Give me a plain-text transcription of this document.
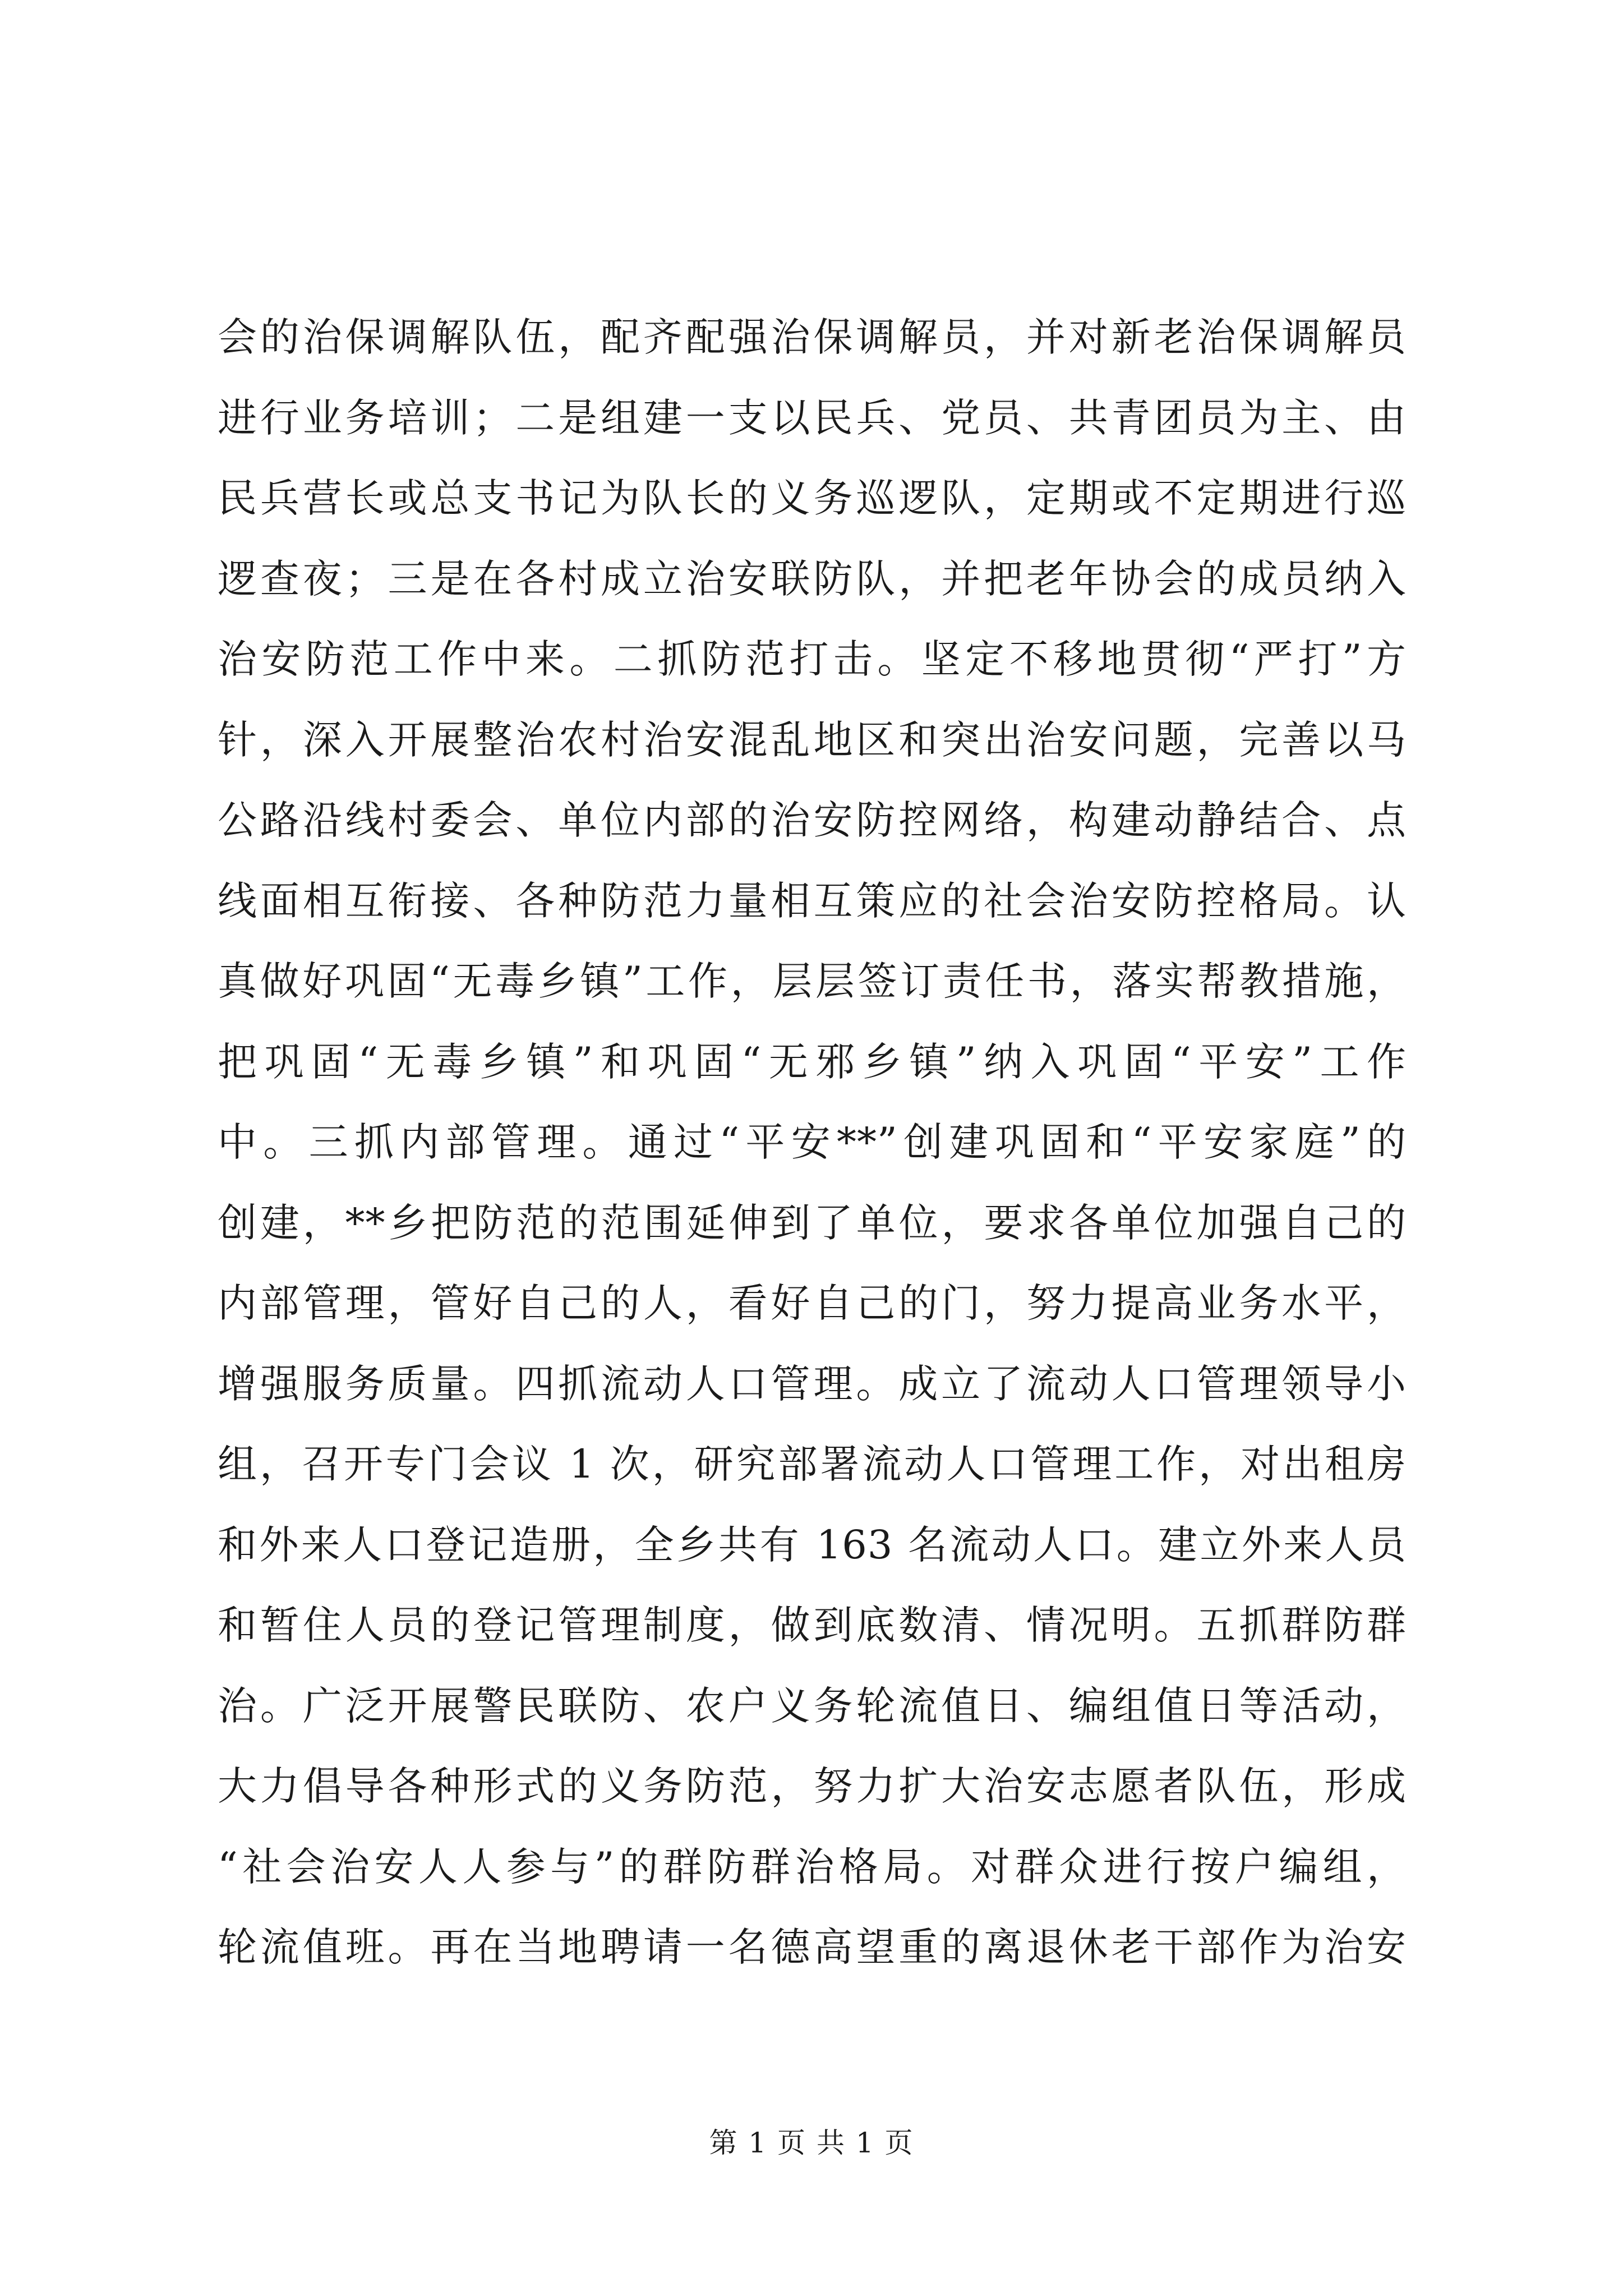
会的治保调解队伍，配齐配强治保调解员，并对新老治保调解员
进行业务培训；二是组建一支以民兵、党员、共青团员为主、由
民兵营长或总支书记为队长的义务巡逻队，定期或不定期进行巡
逻查夜；三是在各村成立治安联防队，并把老年协会的成员纳入
治安防范工作中来。二抓防范打击。坚定不移地贯彻“严打”方
针，深入开展整治农村治安混乱地区和突出治安问题，完善以马
公路沿线村委会、单位内部的治安防控网络，构建动静结合、点
线面相互衔接、各种防范力量相互策应的社会治安防控格局。认
真做好巩固“无毒乡镇”工作，层层签订责任书，落实帮教措施，
把巩固“无毒乡镇”和巩固“无邪乡镇”纳入巩固“平安”工作
中。三抓内部管理。通过“平安**”创建巩固和“平安家庭”的
创建，**乡把防范的范围延伸到了单位，要求各单位加强自己的
内部管理，管好自己的人，看好自己的门，努力提高业务水平，
增强服务质量。四抓流动人口管理。成立了流动人口管理领导小
组，召开专门会议 1 次，研究部署流动人口管理工作，对出租房
和外来人口登记造册，全乡共有 163 名流动人口。建立外来人员
和暂住人员的登记管理制度，做到底数清、情况明。五抓群防群
治。广泛开展警民联防、农户义务轮流值日、编组值日等活动，
大力倡导各种形式的义务防范，努力扩大治安志愿者队伍，形成
“社会治安人人参与”的群防群治格局。对群众进行按户编组，
轮流值班。再在当地聘请一名德高望重的离退休老干部作为治安
第 1 页 共 1 页
